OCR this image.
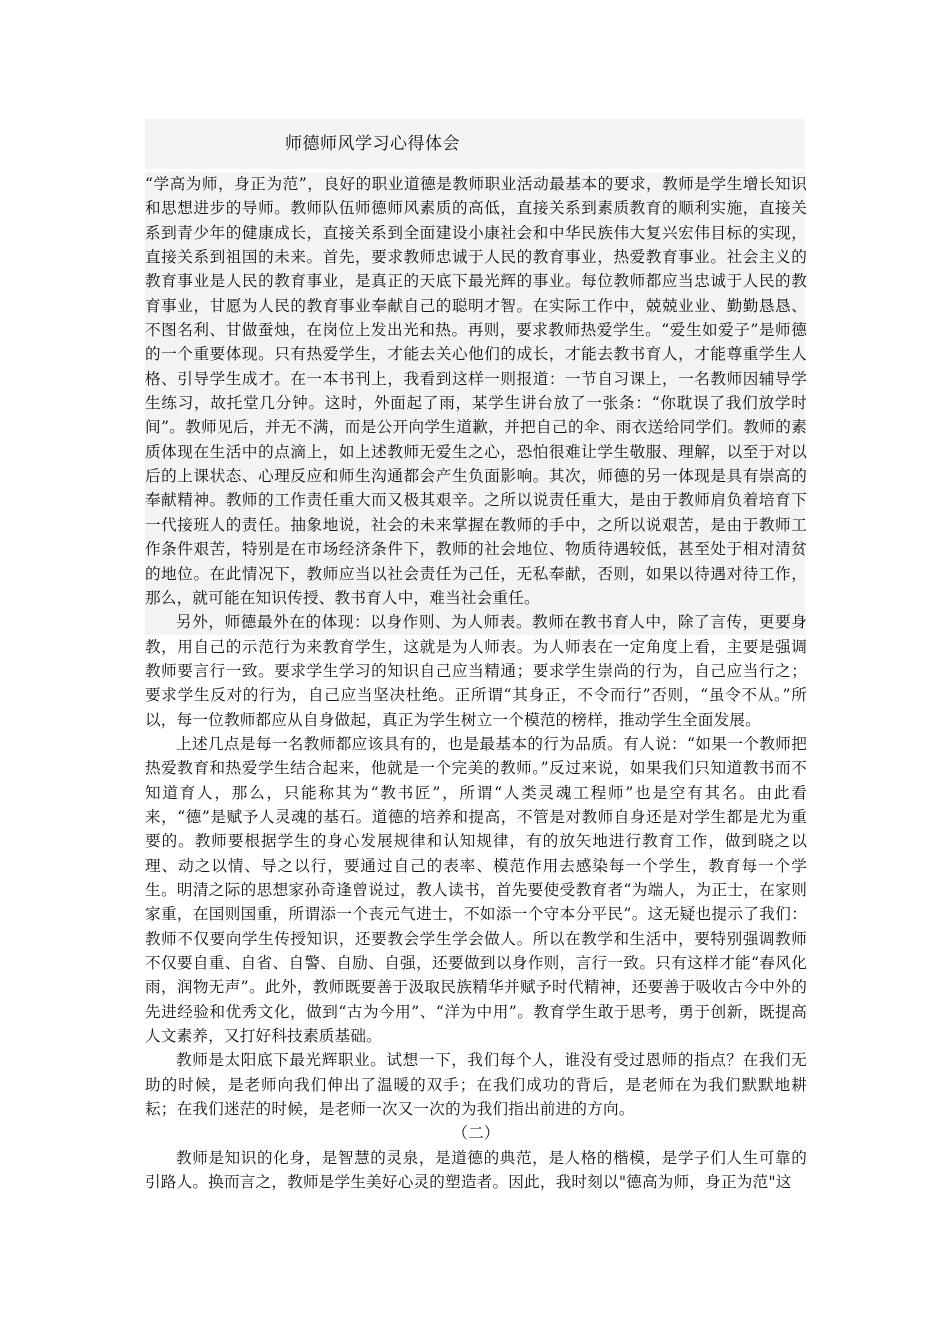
师德师风学习心得体会

“学高为师，身正为范”，良好的职业道德是教师职业活动最基本的要求，教师是学生增长知识和思想进步的导师。教师队伍师德师风素质的高低，直接关系到素质教育的顺利实施，直接关系到青少年的健康成长，直接关系到全面建设小康社会和中华民族伟大复兴宏伟目标的实现，直接关系到祖国的未来。首先，要求教师忠诚于人民的教育事业，热爱教育事业。社会主义的教育事业是人民的教育事业，是真正的天底下最光辉的事业。每位教师都应当忠诚于人民的教育事业，甘愿为人民的教育事业奉献自己的聪明才智。在实际工作中，兢兢业业、勤勤恳恳、不图名利、甘做蚕烛，在岗位上发出光和热。再则，要求教师热爱学生。“爱生如爱子”是师德的一个重要体现。只有热爱学生，才能去关心他们的成长，才能去教书育人，才能尊重学生人格、引导学生成才。在一本书刊上，我看到这样一则报道：一节自习课上，一名教师因辅导学生练习，故托堂几分钟。这时，外面起了雨，某学生讲台放了一张条：“你耽误了我们放学时间”。教师见后，并无不满，而是公开向学生道歉，并把自己的伞、雨衣送给同学们。教师的素质体现在生活中的点滴上，如上述教师无爱生之心，恐怕很难让学生敬服、理解，以至于对以后的上课状态、心理反应和师生沟通都会产生负面影响。其次，师德的另一体现是具有崇高的奉献精神。教师的工作责任重大而又极其艰辛。之所以说责任重大，是由于教师肩负着培育下一代接班人的责任。抽象地说，社会的未来掌握在教师的手中，之所以说艰苦，是由于教师工作条件艰苦，特别是在市场经济条件下，教师的社会地位、物质待遇较低，甚至处于相对清贫的地位。在此情况下，教师应当以社会责任为己任，无私奉献，否则，如果以待遇对待工作，那么，就可能在知识传授、教书育人中，难当社会重任。

另外，师德最外在的体现：以身作则、为人师表。教师在教书育人中，除了言传，更要身教，用自己的示范行为来教育学生，这就是为人师表。为人师表在一定角度上看，主要是强调教师要言行一致。要求学生学习的知识自己应当精通；要求学生崇尚的行为，自己应当行之；要求学生反对的行为，自己应当坚决杜绝。正所谓“其身正，不令而行”否则，“虽令不从。”所以，每一位教师都应从自身做起，真正为学生树立一个模范的榜样，推动学生全面发展。

上述几点是每一名教师都应该具有的，也是最基本的行为品质。有人说：“如果一个教师把热爱教育和热爱学生结合起来，他就是一个完美的教师。”反过来说，如果我们只知道教书而不知道育人，那么，只能称其为“教书匠”，所谓“人类灵魂工程师”也是空有其名。由此看来，“德”是赋予人灵魂的基石。道德的培养和提高，不管是对教师自身还是对学生都是尤为重要的。教师要根据学生的身心发展规律和认知规律，有的放矢地进行教育工作，做到晓之以理、动之以情、导之以行，要通过自己的表率、模范作用去感染每一个学生，教育每一个学生。明清之际的思想家孙奇逢曾说过，教人读书，首先要使受教育者“为端人，为正士，在家则家重，在国则国重，所谓添一个丧元气进士，不如添一个守本分平民”。这无疑也提示了我们：教师不仅要向学生传授知识，还要教会学生学会做人。所以在教学和生活中，要特别强调教师不仅要自重、自省、自警、自励、自强，还要做到以身作则，言行一致。只有这样才能“春风化雨，润物无声”。此外，教师既要善于汲取民族精华并赋予时代精神，还要善于吸收古今中外的先进经验和优秀文化，做到“古为今用”、“洋为中用”。教育学生敢于思考，勇于创新，既提高人文素养，又打好科技素质基础。

教师是太阳底下最光辉职业。试想一下，我们每个人，谁没有受过恩师的指点？在我们无助的时候，是老师向我们伸出了温暖的双手；在我们成功的背后，是老师在为我们默默地耕耘；在我们迷茫的时候，是老师一次又一次的为我们指出前进的方向。

（二）

教师是知识的化身，是智慧的灵泉，是道德的典范，是人格的楷模，是学子们人生可靠的引路人。换而言之，教师是学生美好心灵的塑造者。因此，我时刻以"德高为师，身正为范"这
